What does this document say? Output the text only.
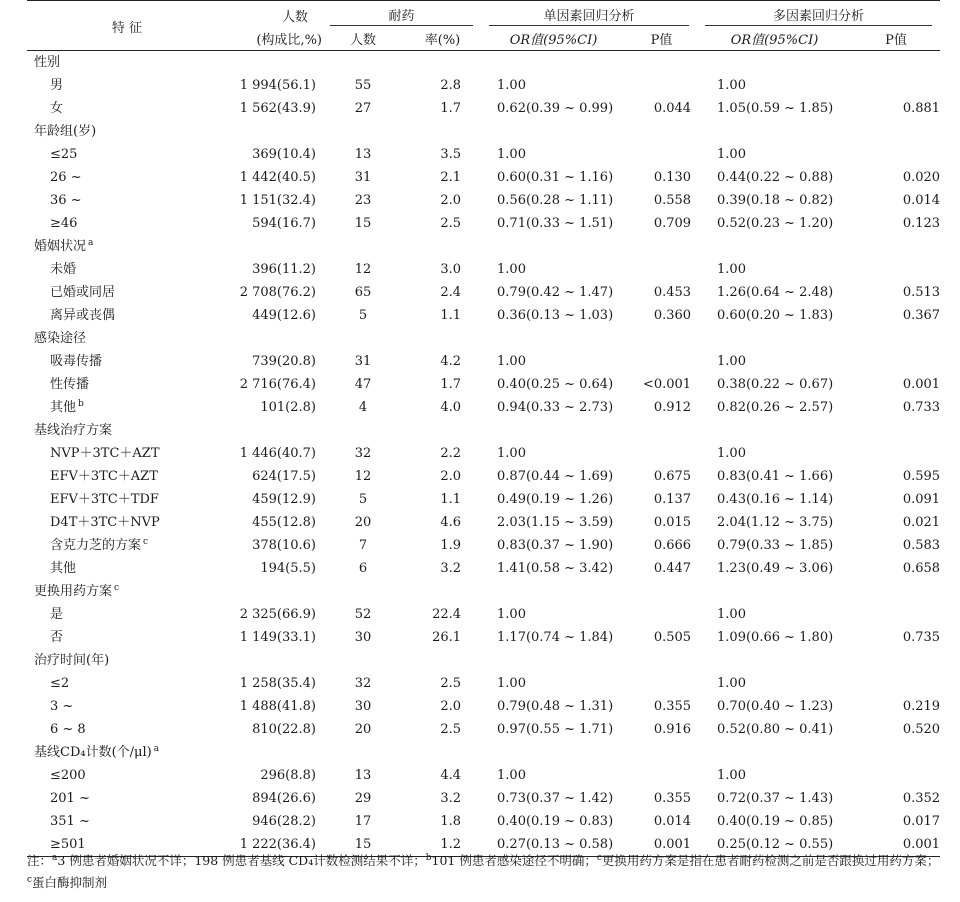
特 征	人数	耐药		单因素回归分析		多因素回归分析	

	(构成比,%)	人数	率(%)	OR值(95%CI)	P值	OR值(95%CI)	P值
性别							
男	1 994(56.1)	55	2.8	1.00		1.00	
女	1 562(43.9)	27	1.7	0.62(0.39 ~ 0.99)	0.044	1.05(0.59 ~ 1.85)	0.881
年龄组(岁)							
≤25	369(10.4)	13	3.5	1.00		1.00	
26 ~	1 442(40.5)	31	2.1	0.60(0.31 ~ 1.16)	0.130	0.44(0.22 ~ 0.88)	0.020
36 ~	1 151(32.4)	23	2.0	0.56(0.28 ~ 1.11)	0.558	0.39(0.18 ~ 0.82)	0.014
≥46	594(16.7)	15	2.5	0.71(0.33 ~ 1.51)	0.709	0.52(0.23 ~ 1.20)	0.123
婚姻状况 $^a$							
未婚	396(11.2)	12	3.0	1.00		1.00	
已婚或同居	2 708(76.2)	65	2.4	0.79(0.42 ~ 1.47)	0.453	1.26(0.64 ~ 2.48)	0.513
离异或丧偶	449(12.6)	5	1.1	0.36(0.13 ~ 1.03)	0.360	0.60(0.20 ~ 1.83)	0.367
感染途径							
吸毒传播	739(20.8)	31	4.2	1.00		1.00	
性传播	2 716(76.4)	47	1.7	0.40(0.25 ~ 0.64)	<0.001	0.38(0.22 ~ 0.67)	0.001
其他 $^b$	101(2.8)	4	4.0	0.94(0.33 ~ 2.73)	0.912	0.82(0.26 ~ 2.57)	0.733
基线治疗方案							
NVP＋3TC＋AZT	1 446(40.7)	32	2.2	1.00		1.00	
EFV＋3TC＋AZT	624(17.5)	12	2.0	0.87(0.44 ~ 1.69)	0.675	0.83(0.41 ~ 1.66)	0.595
EFV＋3TC＋TDF	459(12.9)	5	1.1	0.49(0.19 ~ 1.26)	0.137	0.43(0.16 ~ 1.14)	0.091
D4T＋3TC＋NVP	455(12.8)	20	4.6	2.03(1.15 ~ 3.59)	0.015	2.04(1.12 ~ 3.75)	0.021
含克力芝的方案 $^c$	378(10.6)	7	1.9	0.83(0.37 ~ 1.90)	0.666	0.79(0.33 ~ 1.85)	0.583
其他	194(5.5)	6	3.2	1.41(0.58 ~ 3.42)	0.447	1.23(0.49 ~ 3.06)	0.658
更换用药方案 $^c$							
是	2 325(66.9)	52	22.4	1.00		1.00	
否	1 149(33.1)	30	26.1	1.17(0.74 ~ 1.84)	0.505	1.09(0.66 ~ 1.80)	0.735
治疗时间(年)							
≤2	1 258(35.4)	32	2.5	1.00		1.00	
3 ~	1 488(41.8)	30	2.0	0.79(0.48 ~ 1.31)	0.355	0.70(0.40 ~ 1.23)	0.219
6 ~ 8	810(22.8)	20	2.5	0.97(0.55 ~ 1.71)	0.916	0.52(0.80 ~ 0.41)	0.520
基线CD₄计数(个/μl) $^a$							
≤200	296(8.8)	13	4.4	1.00		1.00	
201 ~	894(26.6)	29	3.2	0.73(0.37 ~ 1.42)	0.355	0.72(0.37 ~ 1.43)	0.352
351 ~	946(28.2)	17	1.8	0.40(0.19 ~ 0.83)	0.014	0.40(0.19 ~ 0.85)	0.017
≥501	1 222(36.4)	15	1.2	0.27(0.13 ~ 0.58)	0.001	0.25(0.12 ~ 0.55)	0.001
注：$^a$3 例患者婚姻状况不详；198 例患者基线 CD₄计数检测结果不详；$^b$101 例患者感染途径不明确；$^c$更换用药方案是指在患者耐药检测之前是否跟换过用药方案；$^c$蛋白酶抑制剂
